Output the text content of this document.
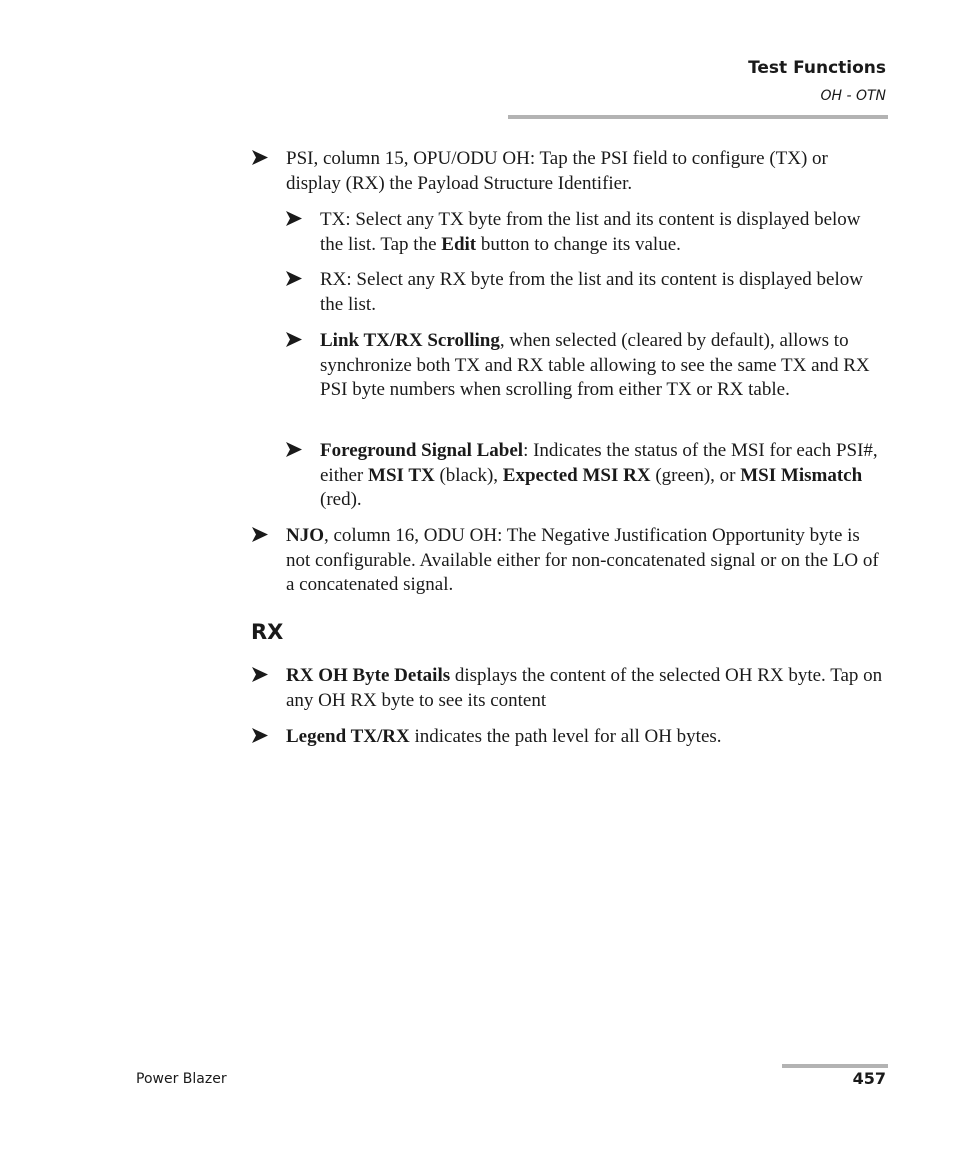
Test Functions
OH - OTN

PSI, column 15, OPU/ODU OH: Tap the PSI field to configure (TX) or display (RX) the Payload Structure Identifier.

TX: Select any TX byte from the list and its content is displayed below the list. Tap the Edit button to change its value.

RX: Select any RX byte from the list and its content is displayed below the list.

Link TX/RX Scrolling, when selected (cleared by default), allows to synchronize both TX and RX table allowing to see the same TX and RX PSI byte numbers when scrolling from either TX or RX table.

Foreground Signal Label: Indicates the status of the MSI for each PSI#, either MSI TX (black), Expected MSI RX (green), or MSI Mismatch (red).

NJO, column 16, ODU OH: The Negative Justification Opportunity byte is not configurable. Available either for non-concatenated signal or on the LO of a concatenated signal.

RX

RX OH Byte Details displays the content of the selected OH RX byte. Tap on any OH RX byte to see its content

Legend TX/RX indicates the path level for all OH bytes.

Power Blazer	457
